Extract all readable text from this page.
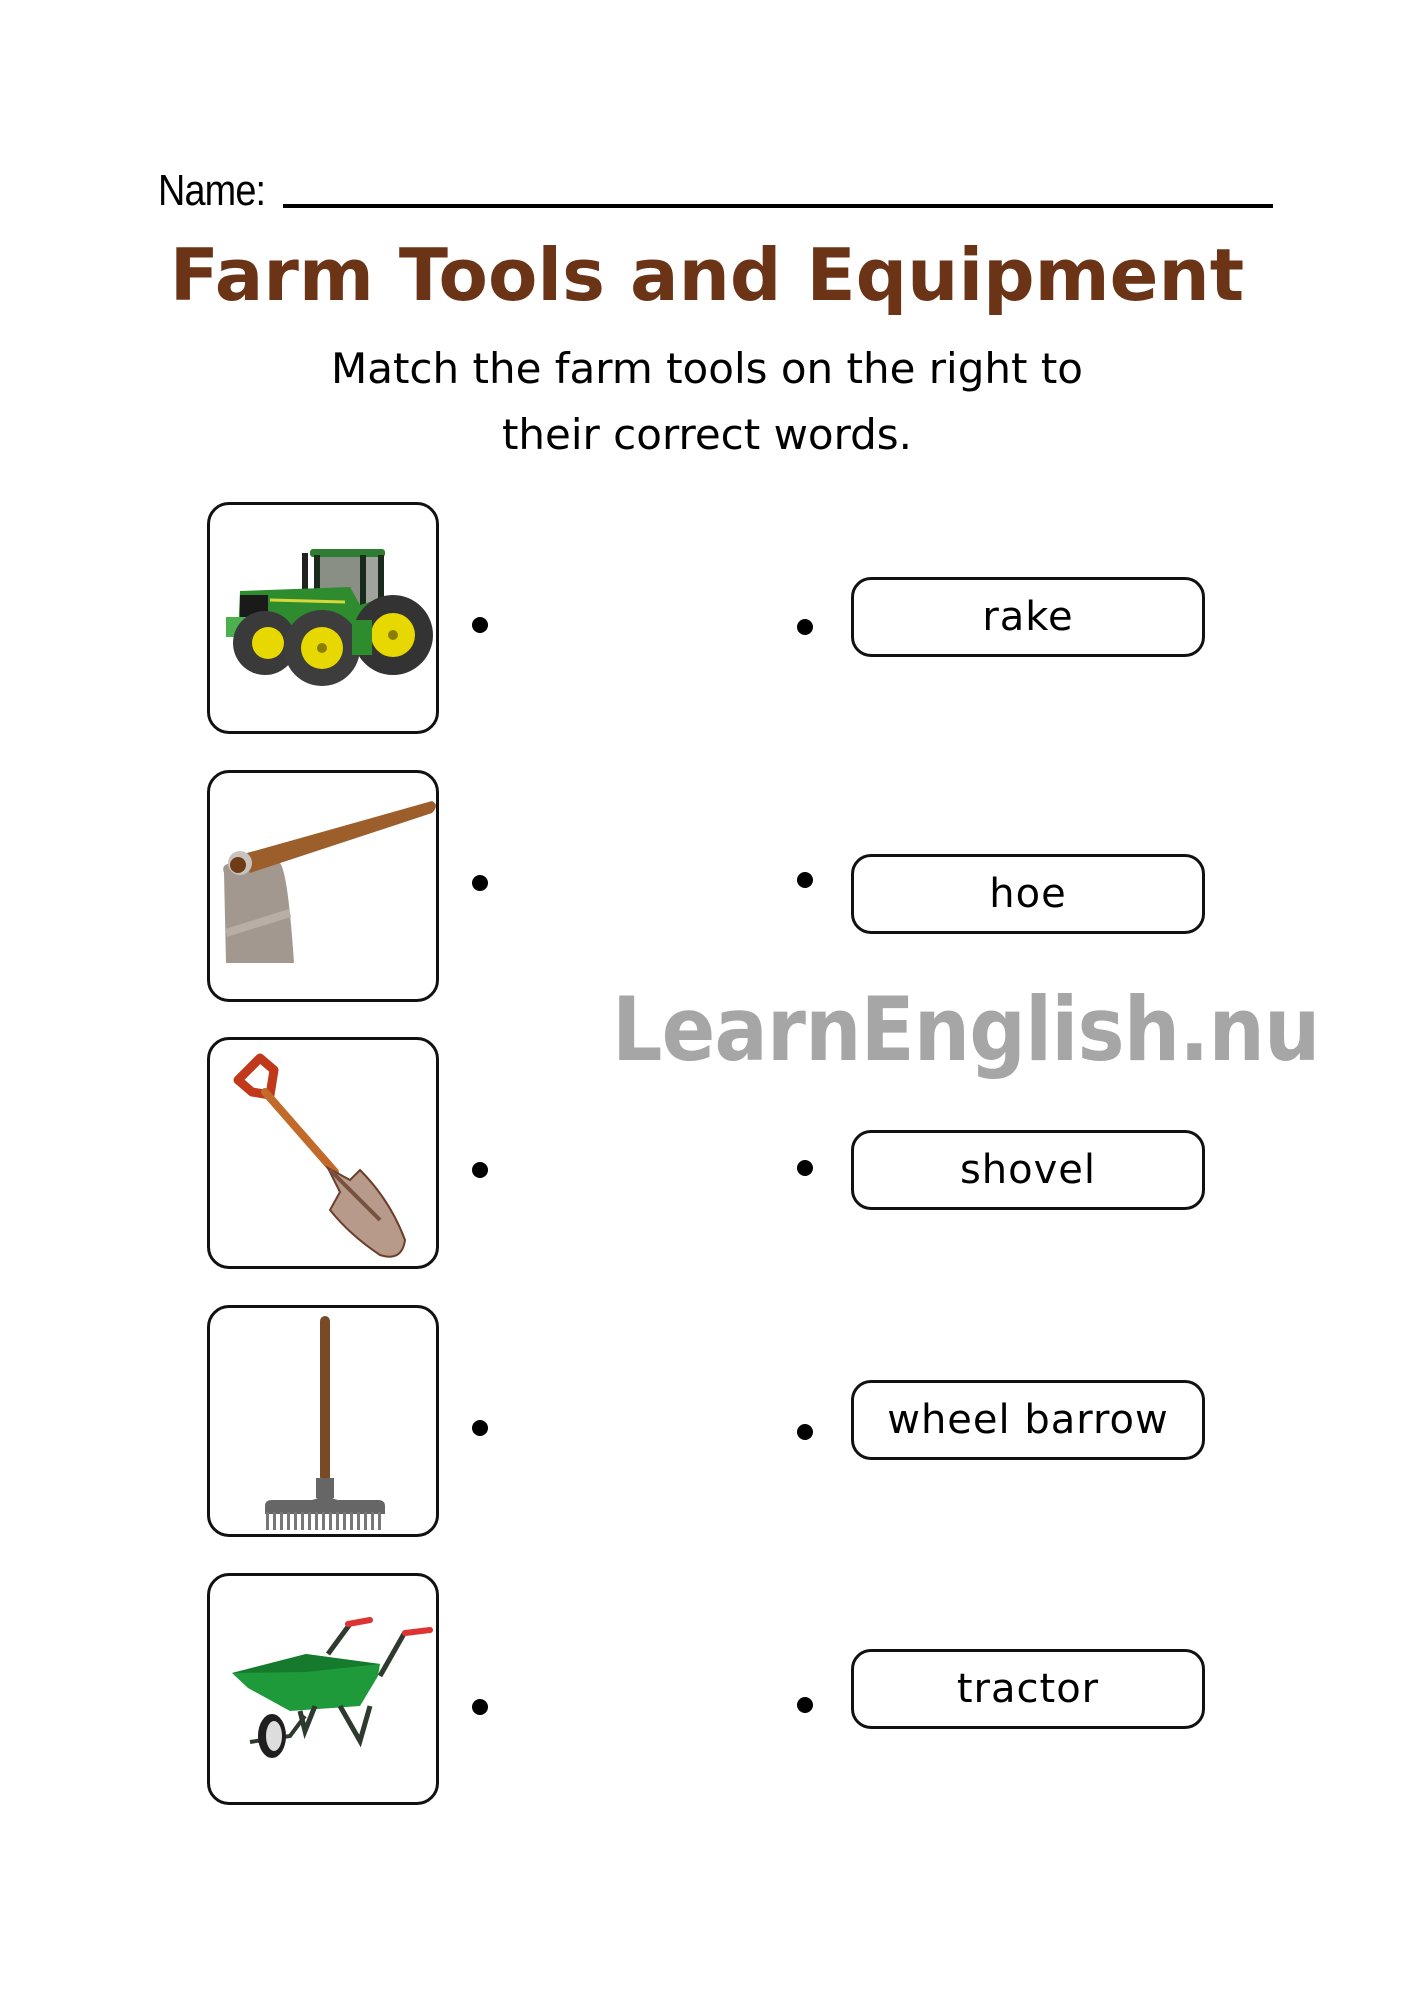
Name:
Farm Tools and Equipment
Match the farm tools on the right to
their correct words.
rake
hoe
shovel
wheel barrow
tractor
LearnEnglish.nu
